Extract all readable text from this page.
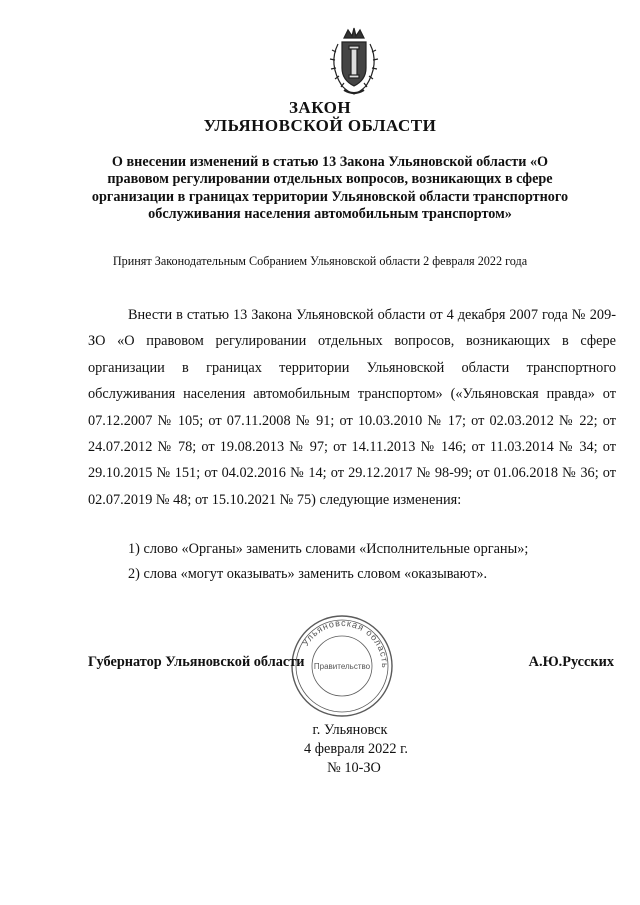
ЗАКОН
УЛЬЯНОВСКОЙ ОБЛАСТИ
О внесении изменений в статью 13 Закона Ульяновской области «О правовом регулировании отдельных вопросов, возникающих в сфере организации в границах территории Ульяновской области транспортного обслуживания населения автомобильным транспортом»
Принят Законодательным Собранием Ульяновской области 2 февраля 2022 года

Внести в статью 13 Закона Ульяновской области от 4 декабря 2007 года № 209-ЗО «О правовом регулировании отдельных вопросов, возникающих в сфере организации в границах территории Ульяновской области транспортного обслуживания населения автомобильным транспортом» («Ульяновская правда» от 07.12.2007 № 105; от 07.11.2008 № 91; от 10.03.2010 № 17; от 02.03.2012 № 22; от 24.07.2012 № 78; от 19.08.2013 № 97; от 14.11.2013 № 146; от 11.03.2014 № 34; от 29.10.2015 № 151; от 04.02.2016 № 14; от 29.12.2017 № 98-99; от 01.06.2018 № 36; от 02.07.2019 № 48; от 15.10.2021 № 75) следующие изменения:

1) слово «Органы» заменить словами «Исполнительные органы»;
2) слова «могут оказывать» заменить словом «оказывают».
Ульяновская область
Правительство
Губернатор Ульяновской области	А.Ю.Русских
г. Ульяновск
4 февраля 2022 г.
№ 10-ЗО
